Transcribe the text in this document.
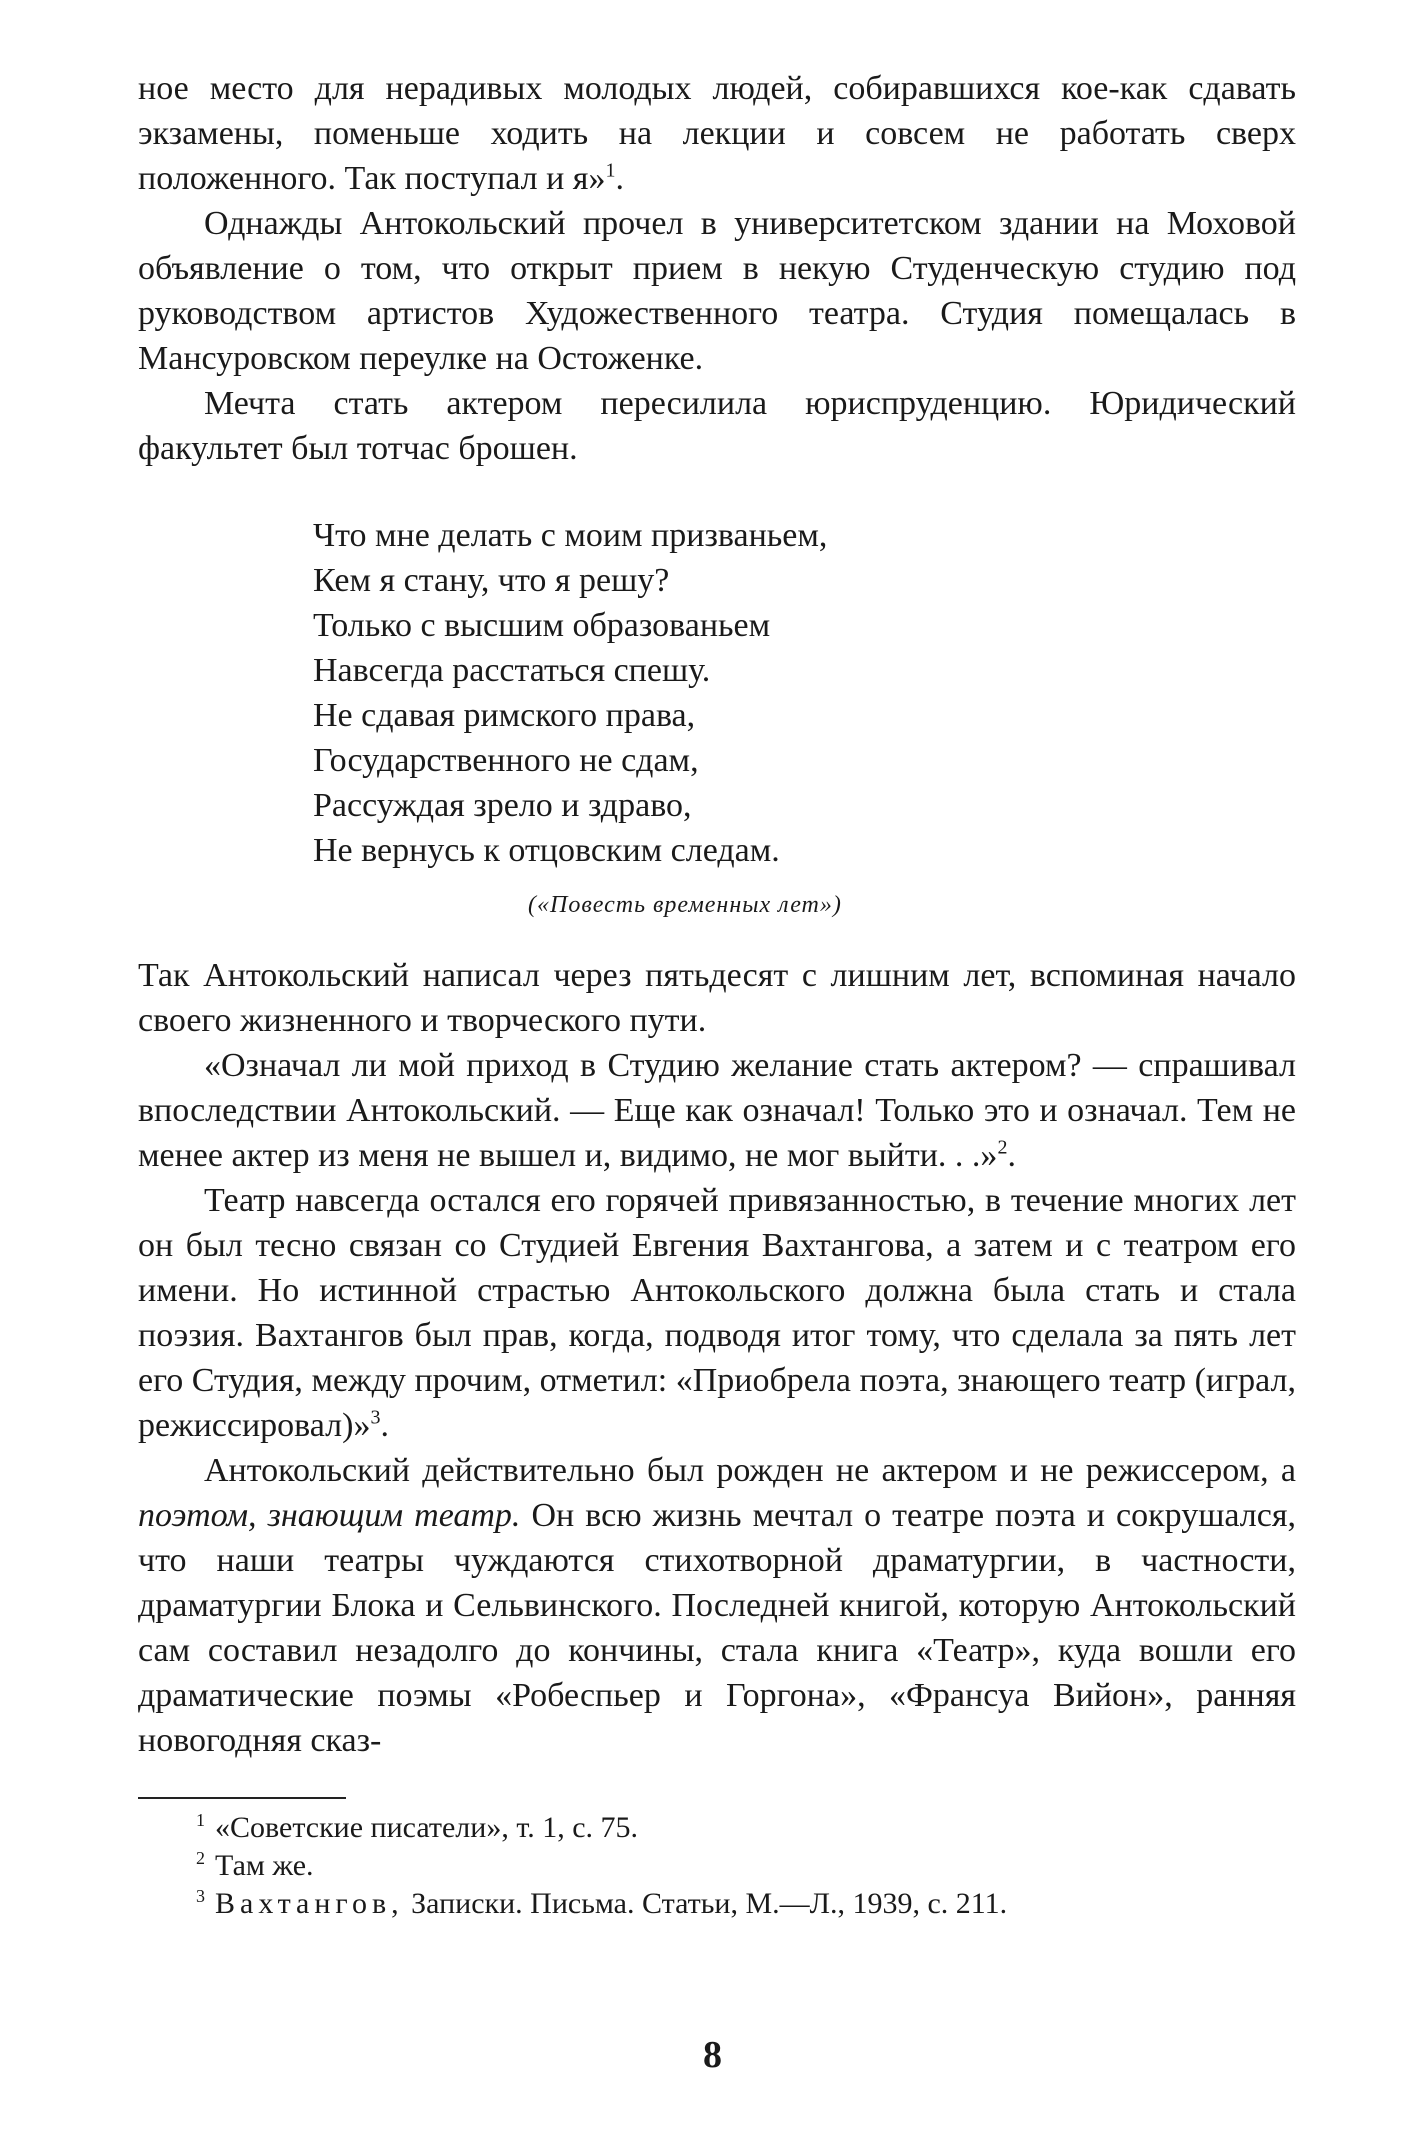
ное место для нерадивых молодых людей, собиравшихся кое-как сдавать экзамены, поменьше ходить на лекции и совсем не работать сверх положенного. Так поступал и я»$^1$.

Однажды Антокольский прочел в университетском здании на Моховой объявление о том, что открыт прием в некую Студенческую студию под руководством артистов Художественного театра. Студия помещалась в Мансуровском переулке на Остоженке.

Мечта стать актером пересилила юриспруденцию. Юридический факультет был тотчас брошен.

Что мне делать с моим призваньем,
Кем я стану, что я решу?
Только с высшим образованьем
Навсегда расстаться спешу.
Не сдавая римского права,
Государственного не сдам,
Рассуждая зрело и здраво,
Не вернусь к отцовским следам.
(«Повесть временных лет»)

Так Антокольский написал через пятьдесят с лишним лет, вспоминая начало своего жизненного и творческого пути.

«Означал ли мой приход в Студию желание стать актером? — спрашивал впоследствии Антокольский. — Еще как означал! Только это и означал. Тем не менее актер из меня не вышел и, видимо, не мог выйти. . .»$^2$.

Театр навсегда остался его горячей привязанностью, в течение многих лет он был тесно связан со Студией Евгения Вахтангова, а затем и с театром его имени. Но истинной страстью Антокольского должна была стать и стала поэзия. Вахтангов был прав, когда, подводя итог тому, что сделала за пять лет его Студия, между прочим, отметил: «Приобрела поэта, знающего театр (играл, режиссировал)»$^3$.

Антокольский действительно был рожден не актером и не режиссером, а поэтом, знающим театр. Он всю жизнь мечтал о театре поэта и сокрушался, что наши театры чуждаются стихотворной драматургии, в частности, драматургии Блока и Сельвинского. Последней книгой, которую Антокольский сам составил незадолго до кончины, стала книга «Театр», куда вошли его драматические поэмы «Робеспьер и Горгона», «Франсуа Вийон», ранняя новогодняя сказ-

$^1$ «Советские писатели», т. 1, с. 75.
$^2$ Там же.
$^3$ Вахтангов, Записки. Письма. Статьи, М.—Л., 1939, с. 211.
8
